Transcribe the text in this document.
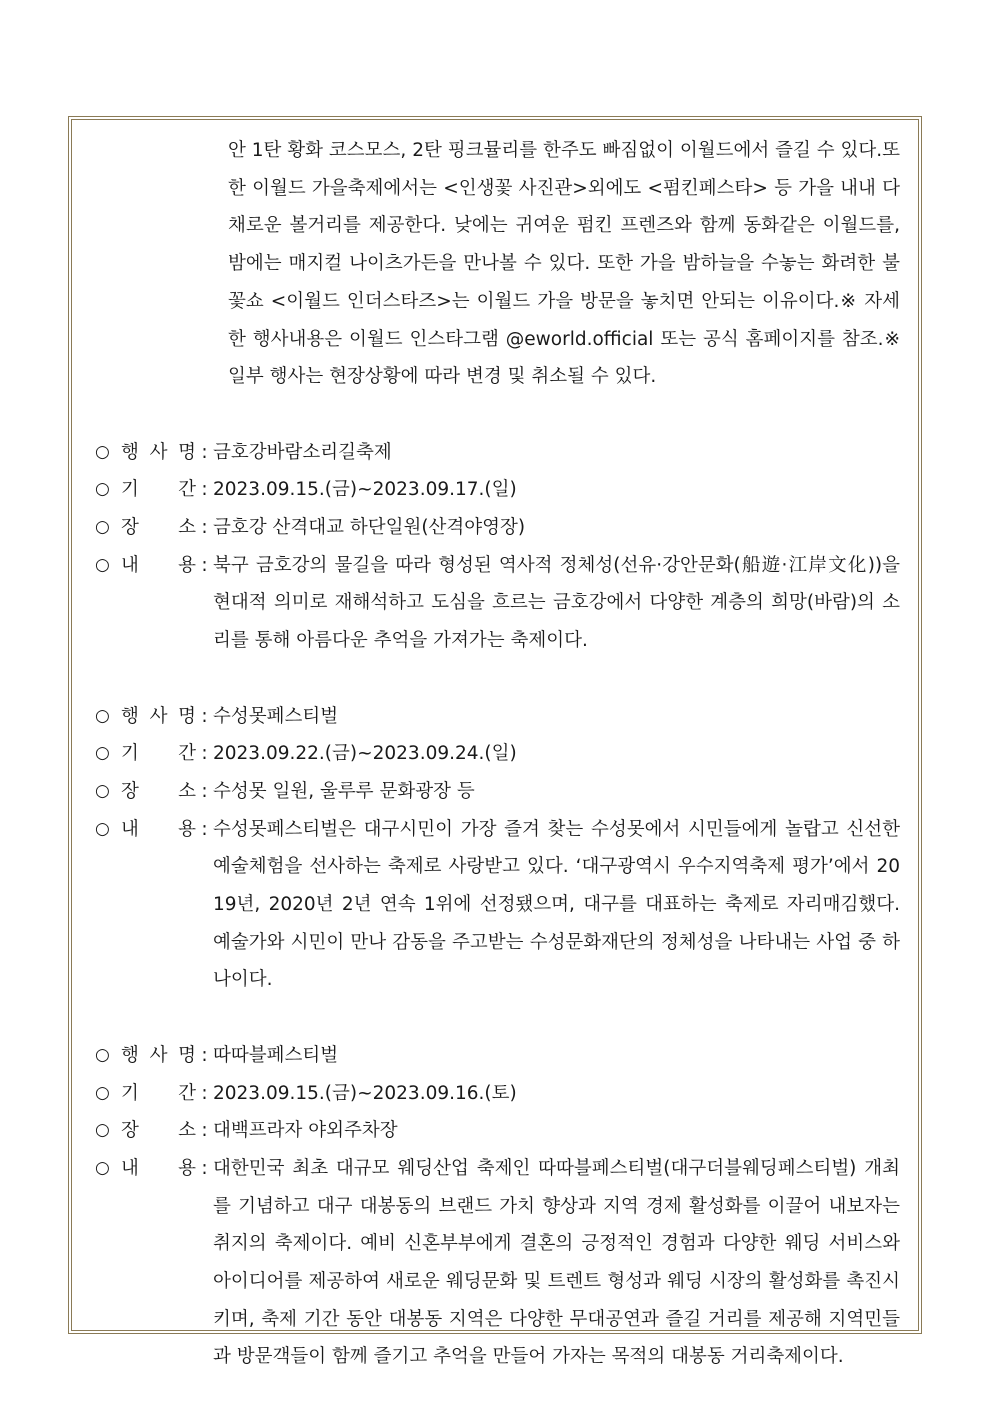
안 1탄 황화 코스모스, 2탄 핑크뮬리를 한주도 빠짐없이 이월드에서 즐길 수 있다.또한 이월드 가을축제에서는 <인생꽃 사진관>외에도 <펌킨페스타> 등 가을 내내 다채로운 볼거리를 제공한다. 낮에는 귀여운 펌킨 프렌즈와 함께 동화같은 이월드를, 밤에는 매지컬 나이츠가든을 만나볼 수 있다. 또한 가을 밤하늘을 수놓는 화려한 불꽃쇼 <이월드 인더스타즈>는 이월드 가을 방문을 놓치면 안되는 이유이다.※ 자세한 행사내용은 이월드 인스타그램 @eworld.official 또는 공식 홈페이지를 참조.※ 일부 행사는 현장상황에 따라 변경 및 취소될 수 있다.
○ 행 사 명 : 금호강바람소리길축제
○ 기 간 : 2023.09.15.(금)~2023.09.17.(일)
○ 장 소 : 금호강 산격대교 하단일원(산격야영장)
○ 내 용 : 북구 금호강의 물길을 따라 형성된 역사적 정체성(선유·강안문화(船遊·江岸文化))을 현대적 의미로 재해석하고 도심을 흐르는 금호강에서 다양한 계층의 희망(바람)의 소리를 통해 아름다운 추억을 가져가는 축제이다.
○ 행 사 명 : 수성못페스티벌
○ 기 간 : 2023.09.22.(금)~2023.09.24.(일)
○ 장 소 : 수성못 일원, 울루루 문화광장 등
○ 내 용 : 수성못페스티벌은 대구시민이 가장 즐겨 찾는 수성못에서 시민들에게 놀랍고 신선한 예술체험을 선사하는 축제로 사랑받고 있다. ‘대구광역시 우수지역축제 평가’에서 2019년, 2020년 2년 연속 1위에 선정됐으며, 대구를 대표하는 축제로 자리매김했다. 예술가와 시민이 만나 감동을 주고받는 수성문화재단의 정체성을 나타내는 사업 중 하나이다.
○ 행 사 명 : 따따블페스티벌
○ 기 간 : 2023.09.15.(금)~2023.09.16.(토)
○ 장 소 : 대백프라자 야외주차장
○ 내 용 : 대한민국 최초 대규모 웨딩산업 축제인 따따블페스티벌(대구더블웨딩페스티벌) 개최를 기념하고 대구 대봉동의 브랜드 가치 향상과 지역 경제 활성화를 이끌어 내보자는 취지의 축제이다. 예비 신혼부부에게 결혼의 긍정적인 경험과 다양한 웨딩 서비스와 아이디어를 제공하여 새로운 웨딩문화 및 트렌트 형성과 웨딩 시장의 활성화를 촉진시키며, 축제 기간 동안 대봉동 지역은 다양한 무대공연과 즐길 거리를 제공해 지역민들과 방문객들이 함께 즐기고 추억을 만들어 가자는 목적의 대봉동 거리축제이다.
